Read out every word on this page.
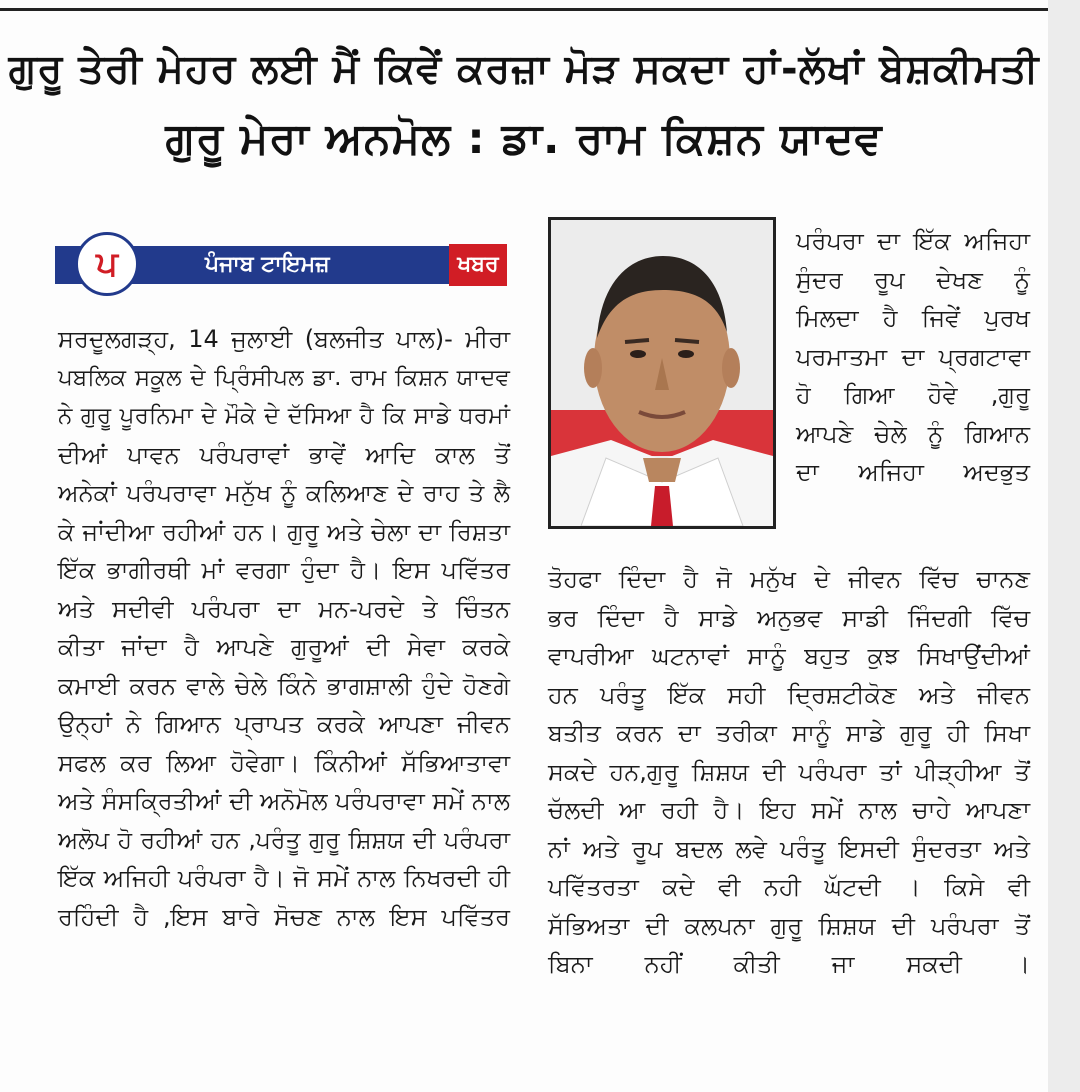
ਗੁਰੂ ਤੇਰੀ ਮੇਹਰ ਲਈ ਮੈਂ ਕਿਵੇਂ ਕਰਜ਼ਾ ਮੋੜ ਸਕਦਾ ਹਾਂ-ਲੱਖਾਂ ਬੇਸ਼ਕੀਮਤੀ
ਗੁਰੂ ਮੇਰਾ ਅਨਮੋਲ : ਡਾ. ਰਾਮ ਕਿਸ਼ਨ ਯਾਦਵ
ਪ	ਪੰਜਾਬ ਟਾਇਮਜ਼	ਖਬਰ
ਸਰਦੂਲਗੜ੍ਹ, 14 ਜੁਲਾਈ (ਬਲਜੀਤ ਪਾਲ)- ਮੀਰਾ
ਪਬਲਿਕ ਸਕੂਲ ਦੇ ਪ੍ਰਿੰਸੀਪਲ ਡਾ. ਰਾਮ ਕਿਸ਼ਨ ਯਾਦਵ
ਨੇ ਗੁਰੂ ਪੂਰਨਿਮਾ ਦੇ ਮੌਕੇ ਦੇ ਦੱਸਿਆ ਹੈ ਕਿ ਸਾਡੇ ਧਰਮਾਂ
ਦੀਆਂ ਪਾਵਨ ਪਰੰਪਰਾਵਾਂ ਭਾਵੇਂ ਆਦਿ ਕਾਲ ਤੋਂ
ਅਨੇਕਾਂ ਪਰੰਪਰਾਵਾ ਮਨੁੱਖ ਨੂੰ ਕਲਿਆਣ ਦੇ ਰਾਹ ਤੇ ਲੈ
ਕੇ ਜਾਂਦੀਆ ਰਹੀਆਂ ਹਨ। ਗੁਰੂ ਅਤੇ ਚੇਲਾ ਦਾ ਰਿਸ਼ਤਾ
ਇੱਕ ਭਾਗੀਰਥੀ ਮਾਂ ਵਰਗਾ ਹੁੰਦਾ ਹੈ। ਇਸ ਪਵਿੱਤਰ
ਅਤੇ ਸਦੀਵੀ ਪਰੰਪਰਾ ਦਾ ਮਨ-ਪਰਦੇ ਤੇ ਚਿੰਤਨ
ਕੀਤਾ ਜਾਂਦਾ ਹੈ ਆਪਣੇ ਗੁਰੂਆਂ ਦੀ ਸੇਵਾ ਕਰਕੇ
ਕਮਾਈ ਕਰਨ ਵਾਲੇ ਚੇਲੇ ਕਿੰਨੇ ਭਾਗਸ਼ਾਲੀ ਹੁੰਦੇ ਹੋਣਗੇ
ਉਨ੍ਹਾਂ ਨੇ ਗਿਆਨ ਪ੍ਰਾਪਤ ਕਰਕੇ ਆਪਣਾ ਜੀਵਨ
ਸਫਲ ਕਰ ਲਿਆ ਹੋਵੇਗਾ। ਕਿੰਨੀਆਂ ਸੱਭਿਆਤਾਵਾ
ਅਤੇ ਸੰਸਕ੍ਰਿਤੀਆਂ ਦੀ ਅਨੋਮੋਲ ਪਰੰਪਰਾਵਾ ਸਮੇਂ ਨਾਲ
ਅਲੋਪ ਹੋ ਰਹੀਆਂ ਹਨ ,ਪਰੰਤੂ ਗੁਰੂ ਸ਼ਿਸ਼ਯ ਦੀ ਪਰੰਪਰਾ
ਇੱਕ ਅਜਿਹੀ ਪਰੰਪਰਾ ਹੈ। ਜੋ ਸਮੇਂ ਨਾਲ ਨਿਖਰਦੀ ਹੀ
ਰਹਿੰਦੀ ਹੈ ,ਇਸ ਬਾਰੇ ਸੋਚਣ ਨਾਲ ਇਸ ਪਵਿੱਤਰ
ਪਰੰਪਰਾ ਦਾ ਇੱਕ ਅਜਿਹਾ
ਸੁੰਦਰ ਰੂਪ ਦੇਖਣ ਨੂੰ
ਮਿਲਦਾ ਹੈ ਜਿਵੇਂ ਪੁਰਖ
ਪਰਮਾਤਮਾ ਦਾ ਪ੍ਰਗਟਾਵਾ
ਹੋ ਗਿਆ ਹੋਵੇ ,ਗੁਰੂ
ਆਪਣੇ ਚੇਲੇ ਨੂੰ ਗਿਆਨ
ਦਾ ਅਜਿਹਾ ਅਦਭੁਤ
ਤੋਹਫਾ ਦਿੰਦਾ ਹੈ ਜੋ ਮਨੁੱਖ ਦੇ ਜੀਵਨ ਵਿੱਚ ਚਾਨਣ
ਭਰ ਦਿੰਦਾ ਹੈ ਸਾਡੇ ਅਨੁਭਵ ਸਾਡੀ ਜਿੰਦਗੀ ਵਿੱਚ
ਵਾਪਰੀਆ ਘਟਨਾਵਾਂ ਸਾਨੂੰ ਬਹੁਤ ਕੁਝ ਸਿਖਾਉਂਦੀਆਂ
ਹਨ ਪਰੰਤੂ ਇੱਕ ਸਹੀ ਦ੍ਰਿਸ਼ਟੀਕੋਣ ਅਤੇ ਜੀਵਨ
ਬਤੀਤ ਕਰਨ ਦਾ ਤਰੀਕਾ ਸਾਨੂੰ ਸਾਡੇ ਗੁਰੂ ਹੀ ਸਿਖਾ
ਸਕਦੇ ਹਨ,ਗੁਰੂ ਸ਼ਿਸ਼ਯ ਦੀ ਪਰੰਪਰਾ ਤਾਂ ਪੀੜ੍ਹੀਆ ਤੋਂ
ਚੱਲਦੀ ਆ ਰਹੀ ਹੈ। ਇਹ ਸਮੇਂ ਨਾਲ ਚਾਹੇ ਆਪਣਾ
ਨਾਂ ਅਤੇ ਰੂਪ ਬਦਲ ਲਵੇ ਪਰੰਤੂ ਇਸਦੀ ਸੁੰਦਰਤਾ ਅਤੇ
ਪਵਿੱਤਰਤਾ ਕਦੇ ਵੀ ਨਹੀ ਘੱਟਦੀ । ਕਿਸੇ ਵੀ
ਸੱਭਿਅਤਾ ਦੀ ਕਲਪਨਾ ਗੁਰੂ ਸ਼ਿਸ਼ਯ ਦੀ ਪਰੰਪਰਾ ਤੋਂ
ਬਿਨਾ ਨਹੀਂ ਕੀਤੀ ਜਾ ਸਕਦੀ ।
